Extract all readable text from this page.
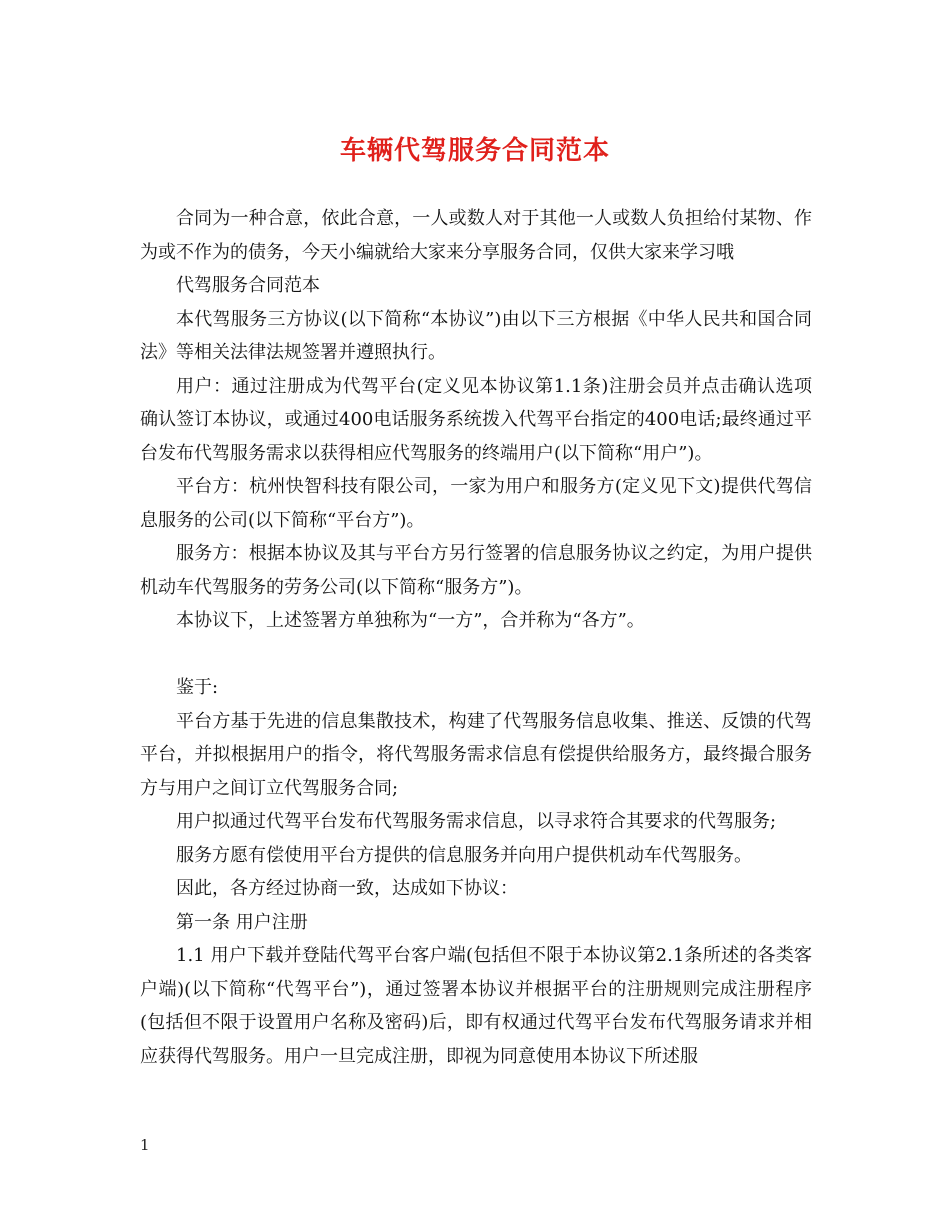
车辆代驾服务合同范本

合同为一种合意，依此合意，一人或数人对于其他一人或数人负担给付某物、作为或不作为的债务，今天小编就给大家来分享服务合同，仅供大家来学习哦

代驾服务合同范本

本代驾服务三方协议(以下简称“本协议”)由以下三方根据《中华人民共和国合同法》等相关法律法规签署并遵照执行。

用户：通过注册成为代驾平台(定义见本协议第1.1条)注册会员并点击确认选项确认签订本协议，或通过400电话服务系统拨入代驾平台指定的400电话;最终通过平台发布代驾服务需求以获得相应代驾服务的终端用户(以下简称“用户”)。

平台方：杭州快智科技有限公司，一家为用户和服务方(定义见下文)提供代驾信息服务的公司(以下简称“平台方”)。

服务方：根据本协议及其与平台方另行签署的信息服务协议之约定，为用户提供机动车代驾服务的劳务公司(以下简称“服务方”)。

本协议下，上述签署方单独称为“一方”，合并称为“各方”。

鉴于:

平台方基于先进的信息集散技术，构建了代驾服务信息收集、推送、反馈的代驾平台，并拟根据用户的指令，将代驾服务需求信息有偿提供给服务方，最终撮合服务方与用户之间订立代驾服务合同;

用户拟通过代驾平台发布代驾服务需求信息，以寻求符合其要求的代驾服务;

服务方愿有偿使用平台方提供的信息服务并向用户提供机动车代驾服务。

因此，各方经过协商一致，达成如下协议：

第一条 用户注册

1.1 用户下载并登陆代驾平台客户端(包括但不限于本协议第2.1条所述的各类客户端)(以下简称“代驾平台”)，通过签署本协议并根据平台的注册规则完成注册程序(包括但不限于设置用户名称及密码)后，即有权通过代驾平台发布代驾服务请求并相应获得代驾服务。用户一旦完成注册，即视为同意使用本协议下所述服

1
